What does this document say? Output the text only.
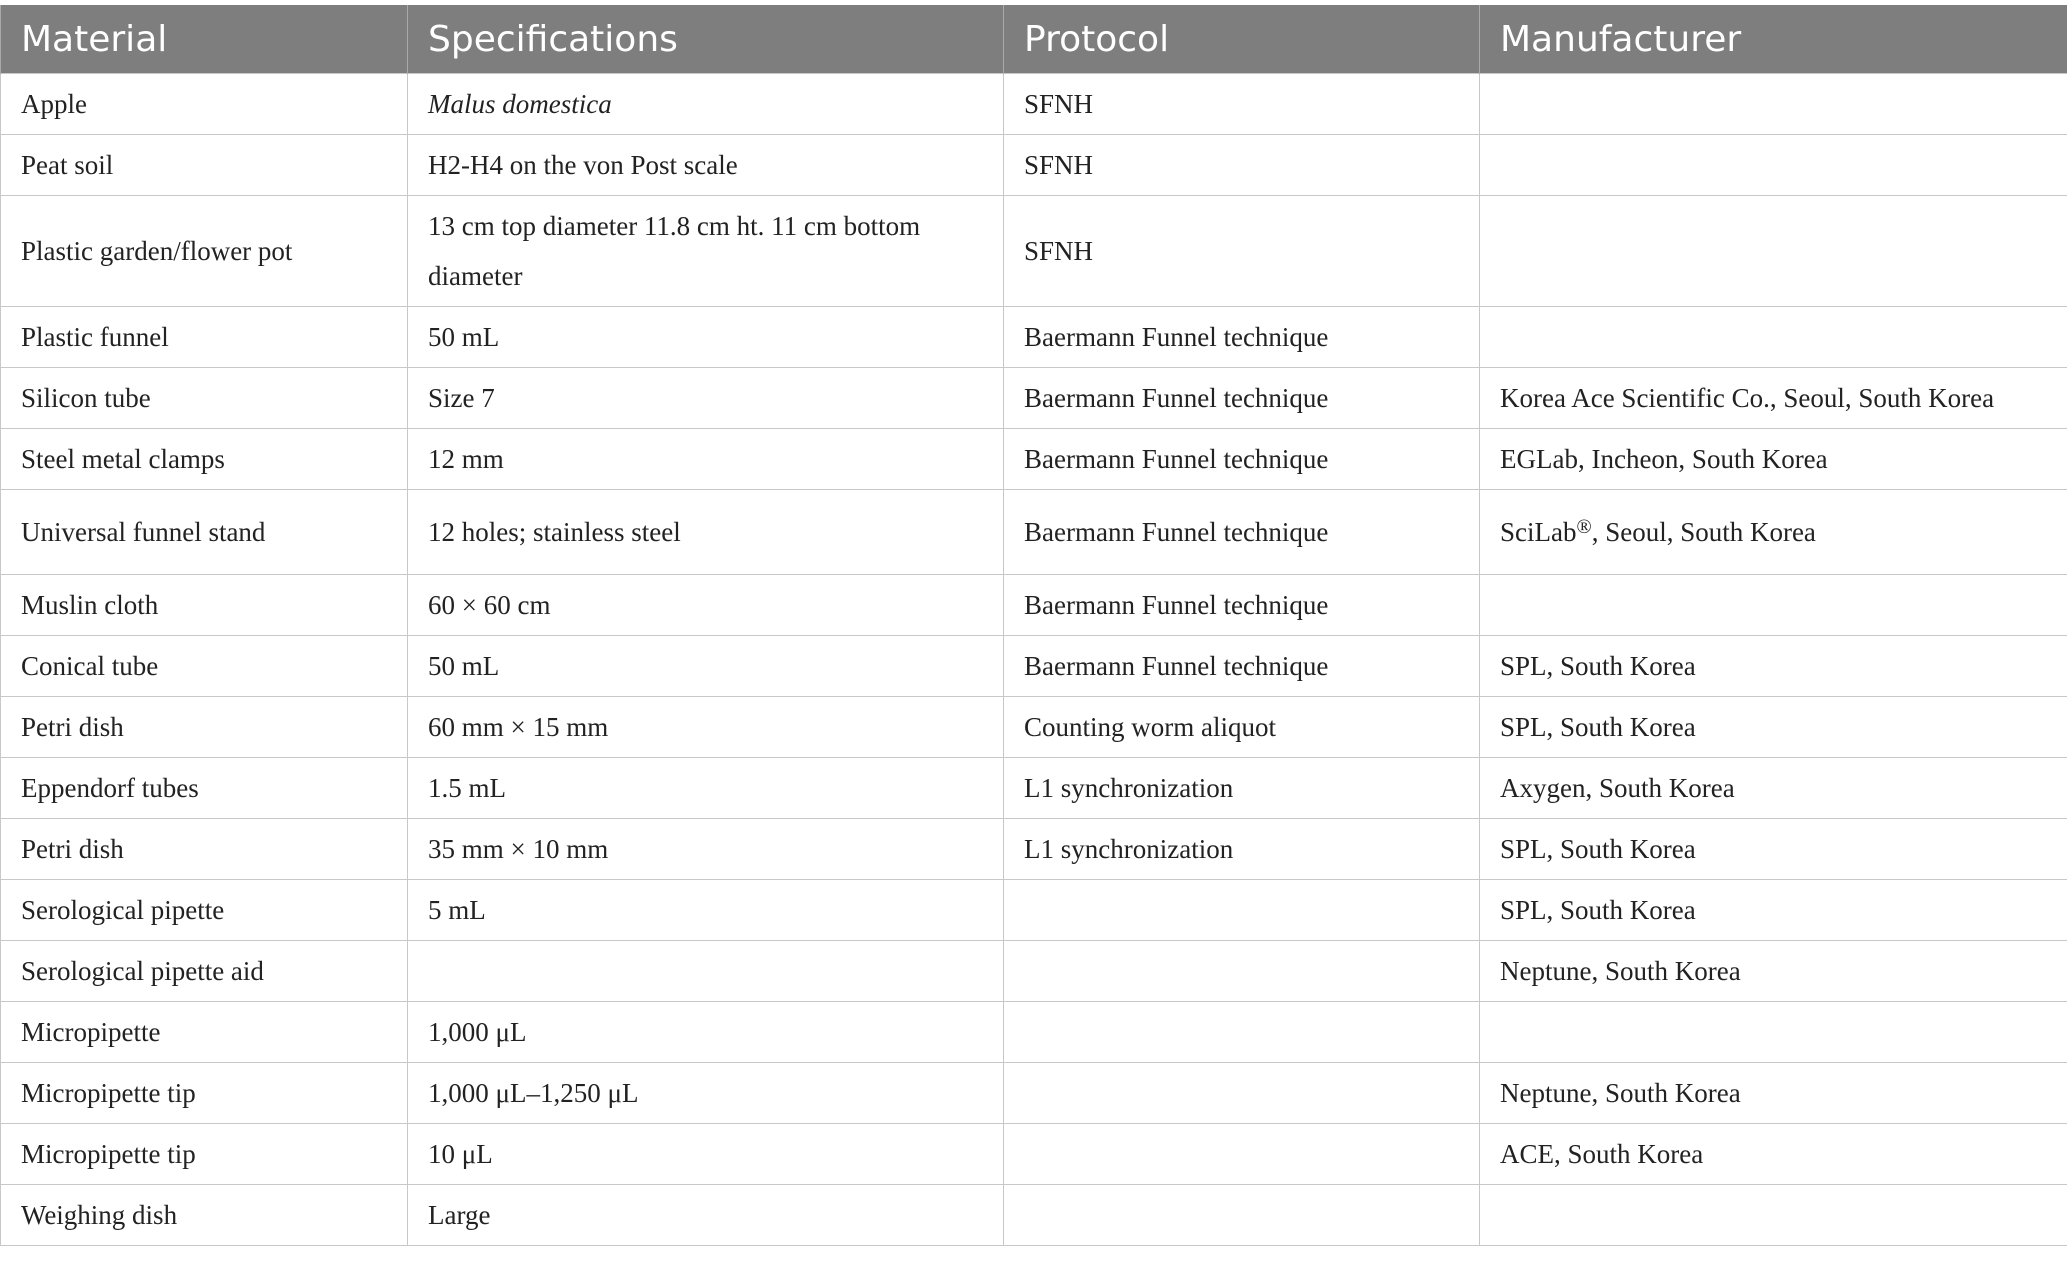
Material	Specifications	Protocol	Manufacturer
Apple	Malus domestica	SFNH	
Peat soil	H2-H4 on the von Post scale	SFNH	
Plastic garden/flower pot	13 cm top diameter 11.8 cm ht. 11 cm bottom diameter	SFNH	
Plastic funnel	50 mL	Baermann Funnel technique	
Silicon tube	Size 7	Baermann Funnel technique	Korea Ace Scientific Co., Seoul, South Korea
Steel metal clamps	12 mm	Baermann Funnel technique	EGLab, Incheon, South Korea
Universal funnel stand	12 holes; stainless steel	Baermann Funnel technique	SciLab®, Seoul, South Korea
Muslin cloth	60 × 60 cm	Baermann Funnel technique	
Conical tube	50 mL	Baermann Funnel technique	SPL, South Korea
Petri dish	60 mm × 15 mm	Counting worm aliquot	SPL, South Korea
Eppendorf tubes	1.5 mL	L1 synchronization	Axygen, South Korea
Petri dish	35 mm × 10 mm	L1 synchronization	SPL, South Korea
Serological pipette	5 mL		SPL, South Korea
Serological pipette aid			Neptune, South Korea
Micropipette	1,000 μL		
Micropipette tip	1,000 μL–1,250 μL		Neptune, South Korea
Micropipette tip	10 μL		ACE, South Korea
Weighing dish	Large		
